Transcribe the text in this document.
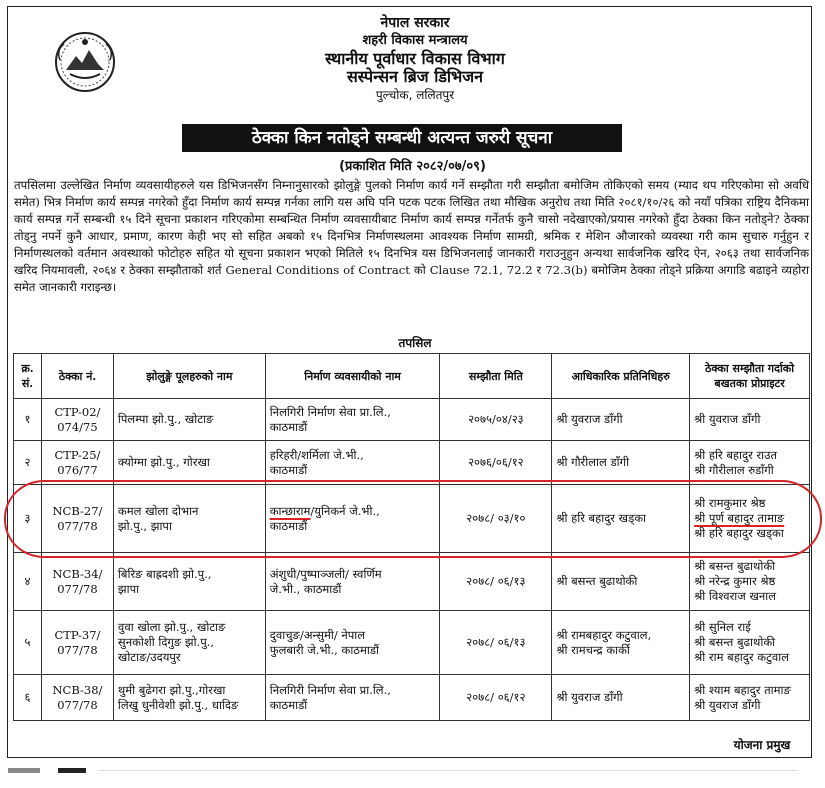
नेपाल सरकार
शहरी विकास मन्त्रालय
स्थानीय पूर्वाधार विकास विभाग
सस्पेन्सन ब्रिज डिभिजन
पुल्चोक, ललितपुर
ठेक्का किन नतोड्ने सम्बन्धी अत्यन्त जरुरी सूचना
(प्रकाशित मिति २०८२/०७/०९)
तपसिलमा उल्लेखित निर्माण व्यवसायीहरुले यस डिभिजनसँग निम्नानुसारको झोलुङ्गे पुलको निर्माण कार्य गर्ने सम्झौता गरी सम्झौता बमोजिम तोकिएको समय (म्याद थप गरिएकोमा सो अवधि समेत) भित्र निर्माण कार्य सम्पन्न नगरेको हुँदा निर्माण कार्य सम्पन्न गर्नका लागि यस अघि पनि पटक पटक लिखित तथा मौखिक अनुरोध तथा मिति २०८१/१०/२६ को नयाँ पत्रिका राष्ट्रिय दैनिकमा कार्य सम्पन्न गर्ने सम्बन्धी १५ दिने सूचना प्रकाशन गरिएकोमा सम्बन्धित निर्माण व्यवसायीबाट निर्माण कार्य सम्पन्न गर्नेतर्फ कुनै चासो नदेखाएको/प्रयास नगरेको हुँदा ठेक्का किन नतोड्ने? ठेक्का तोड्नु नपर्ने कुनै आधार, प्रमाण, कारण केही भए सो सहित अबको १५ दिनभित्र निर्माणस्थलमा आवश्यक निर्माण सामग्री, श्रमिक र मेशिन औजारको व्यवस्था गरी काम सुचारु गर्नुहुन र निर्माणस्थलको वर्तमान अवस्थाको फोटोहरु सहित यो सूचना प्रकाशन भएको मितिले १५ दिनभित्र यस डिभिजनलाई जानकारी गराउनुहुन अन्यथा सार्वजनिक खरिद ऐन, २०६३ तथा सार्वजनिक खरिद नियमावली, २०६४ र ठेक्का सम्झौताको शर्त General Conditions of Contract को Clause 72.1, 72.2 र 72.3(b) बमोजिम ठेक्का तोड्ने प्रक्रिया अगाडि बढाइने व्यहोरा समेत जानकारी गराइन्छ।
तपसिल
क्र. सं.	ठेक्का नं.	झोलुङ्गे पूलहरुको नाम	निर्माण व्यवसायीको नाम	सम्झौता मिति	आधिकारिक प्रतिनिधिहरु	ठेक्का सम्झौता गर्दाको बखतका प्रोप्राइटर
१	CTP-02/
074/75	पिलम्पा झो.पु., खोटाङ	निलगिरी निर्माण सेवा प्रा.लि.,
काठमाडौं	२०७५/०४/२३	श्री युवराज डाँगी	श्री युवराज डाँगी
२	CTP-25/
076/77	क्योग्मा झो.पु., गोरखा	हरिहरी/शर्मिला जे.भी.,
काठमाडौं	२०७६/०६/१२	श्री गौरीलाल डाँगी	श्री हरि बहादुर राउत
श्री गौरीलाल रुडाँगी
३	NCB-27/
077/78	कमल खोला दोभान
झो.पु., झापा	कान्छाराम/युनिकर्न जे.भी.,
काठमाडौं	२०७८/ ०३/१०	श्री हरि बहादुर खड्का	श्री रामकुमार श्रेष्ठ
श्री पूर्ण बहादुर तामाङ
श्री हरि बहादुर खड्का
४	NCB-34/
077/78	बिरिङ बाह्रदशी झो.पु.,
झापा	अंशुधी/पुष्पाञ्जली/ स्वर्णिम
जे.भी., काठमाडौं	२०७८/ ०६/१३	श्री बसन्त बुढाथोकी	श्री बसन्त बुढाथोकी
श्री नरेन्द्र कुमार श्रेष्ठ
श्री विश्वराज खनाल
५	CTP-37/
077/78	वुवा खोला झो.पु., खोटाङ
सुनकोशी दिगुङ झो.पु.,
खोटाङ/उदयपुर	दुवाचुङ/अन्सुमी/ नेपाल
फुलबारी जे.भी., काठमाडौं	२०७८/ ०६/१३	श्री रामबहादुर कटुवाल,
श्री रामचन्द्र कार्की	श्री सुनिल राई
श्री बसन्त बुढाथोकी
श्री राम बहादुर कटुवाल
६	NCB-38/
077/78	थुमी बुढेगरा झो.पु.,गोरखा
लिखु धुनीवेशी झो.पु., धादिङ	निलगिरी निर्माण सेवा प्रा.लि.,
काठमाडौं	२०७८/ ०६/१२	श्री युवराज डाँगी	श्री श्याम बहादुर तामाङ
श्री युवराज डाँगी
योजना प्रमुख
